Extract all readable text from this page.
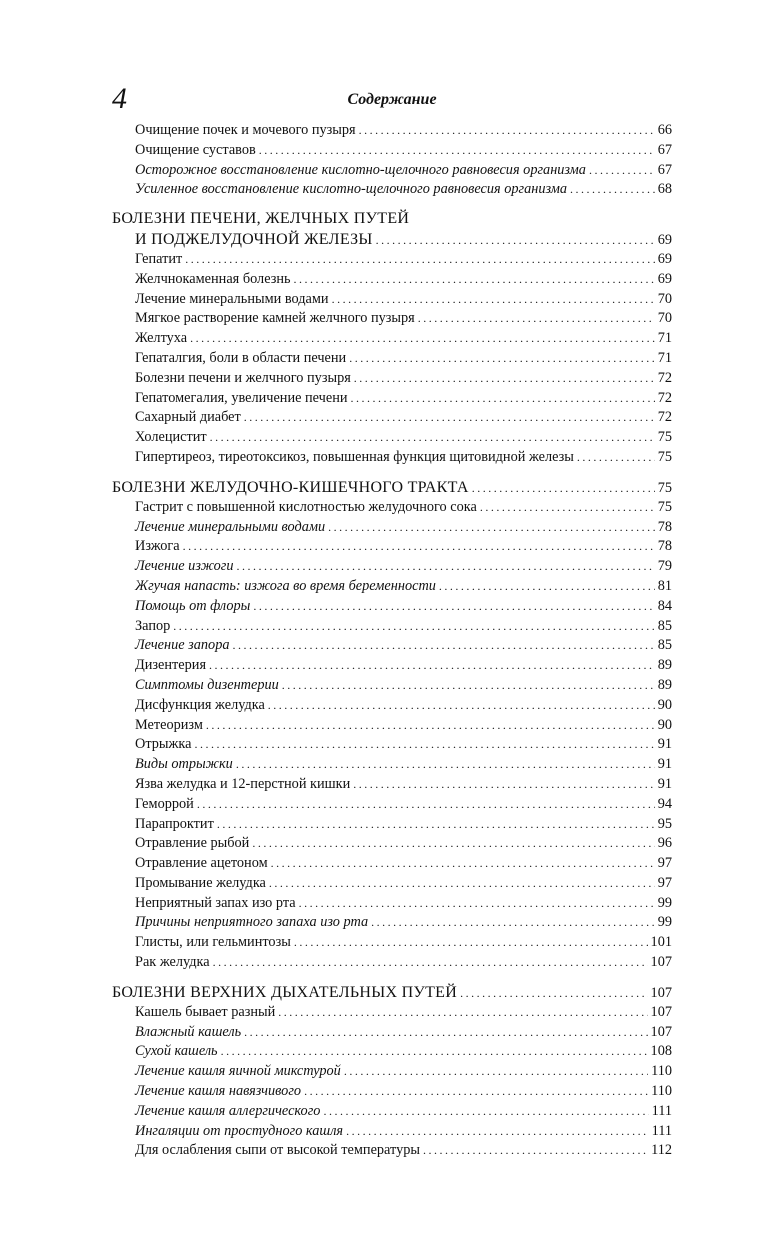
4	Содержание
Очищение почек и мочевого пузыря .....	66
Очищение суставов .....	67
Осторожное восстановление кислотно-щелочного равновесия организма .....	67
Усиленное восстановление кислотно-щелочного равновесия организма .....	68
БОЛЕЗНИ ПЕЧЕНИ, ЖЕЛЧНЫХ ПУТЕЙ
И ПОДЖЕЛУДОЧНОЙ ЖЕЛЕЗЫ .....	69
Гепатит .....	69
Желчнокаменная болезнь .....	69
Лечение минеральными водами .....	70
Мягкое растворение камней желчного пузыря .....	70
Желтуха .....	71
Гепаталгия, боли в области печени .....	71
Болезни печени и желчного пузыря .....	72
Гепатомегалия, увеличение печени .....	72
Сахарный диабет .....	72
Холецистит .....	75
Гипертиреоз, тиреотоксикоз, повышенная функция щитовидной железы .....	75
БОЛЕЗНИ ЖЕЛУДОЧНО-КИШЕЧНОГО ТРАКТА .....	75
Гастрит с повышенной кислотностью желудочного сока .....	75
Лечение минеральными водами .....	78
Изжога .....	78
Лечение изжоги .....	79
Жгучая напасть: изжога во время беременности .....	81
Помощь от флоры .....	84
Запор .....	85
Лечение запора .....	85
Дизентерия .....	89
Симптомы дизентерии .....	89
Дисфункция желудка .....	90
Метеоризм .....	90
Отрыжка .....	91
Виды отрыжки .....	91
Язва желудка и 12-перстной кишки .....	91
Геморрой .....	94
Парапроктит .....	95
Отравление рыбой .....	96
Отравление ацетоном .....	97
Промывание желудка .....	97
Неприятный запах изо рта .....	99
Причины неприятного запаха изо рта .....	99
Глисты, или гельминтозы .....	101
Рак желудка .....	107
БОЛЕЗНИ ВЕРХНИХ ДЫХАТЕЛЬНЫХ ПУТЕЙ .....	107
Кашель бывает разный .....	107
Влажный кашель .....	107
Сухой кашель .....	108
Лечение кашля яичной микстурой .....	110
Лечение кашля навязчивого .....	110
Лечение кашля аллергического .....	111
Ингаляции от простудного кашля .....	111
Для ослабления сыпи от высокой температуры .....	112
